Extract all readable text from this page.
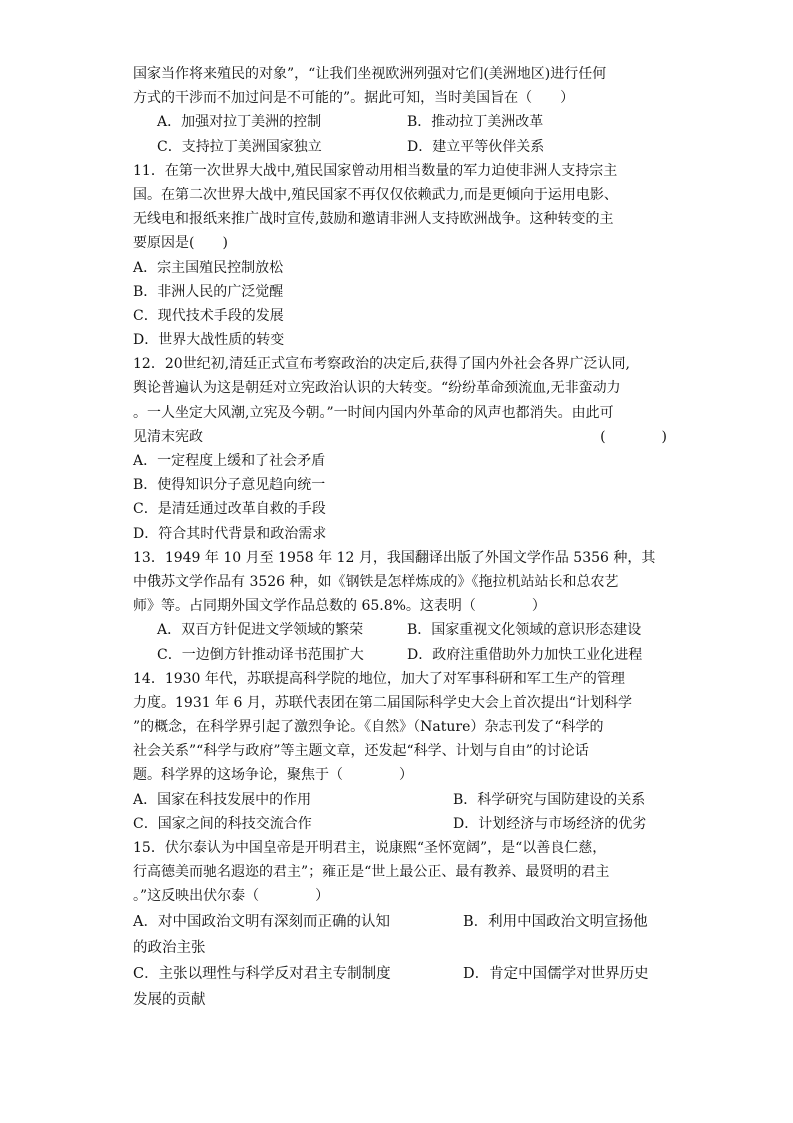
国家当作将来殖民的对象”，“让我们坐视欧洲列强对它们(美洲地区)进行任何
方式的干涉而不加过问是不可能的”。据此可知，当时美国旨在（　　）
A．加强对拉丁美洲的控制	B．推动拉丁美洲改革
C．支持拉丁美洲国家独立	D．建立平等伙伴关系
11．在第一次世界大战中,殖民国家曾动用相当数量的军力迫使非洲人支持宗主
国。在第二次世界大战中,殖民国家不再仅仅依赖武力,而是更倾向于运用电影、
无线电和报纸来推广战时宣传,鼓励和邀请非洲人支持欧洲战争。这种转变的主
要原因是(　　)
A．宗主国殖民控制放松
B．非洲人民的广泛觉醒
C．现代技术手段的发展
D．世界大战性质的转变
12．20世纪初,清廷正式宣布考察政治的决定后,获得了国内外社会各界广泛认同,
舆论普遍认为这是朝廷对立宪政治认识的大转变。“纷纷革命颈流血,无非蛮动力
。一人坐定大风潮,立宪及今朝。”一时间内国内外革命的风声也都消失。由此可
见清末宪政	(　　　　)
A．一定程度上缓和了社会矛盾
B．使得知识分子意见趋向统一
C．是清廷通过改革自救的手段
D．符合其时代背景和政治需求
13．1949 年 10 月至 1958 年 12 月，我国翻译出版了外国文学作品 5356 种，其
中俄苏文学作品有 3526 种，如《钢铁是怎样炼成的》《拖拉机站站长和总农艺
师》等。占同期外国文学作品总数的 65.8%。这表明（　　　　）
A．双百方针促进文学领域的繁荣	B．国家重视文化领域的意识形态建设
C．一边倒方针推动译书范围扩大	D．政府注重借助外力加快工业化进程
14．1930 年代，苏联提高科学院的地位，加大了对军事科研和军工生产的管理
力度。1931 年 6 月，苏联代表团在第二届国际科学史大会上首次提出“计划科学
”的概念，在科学界引起了激烈争论。《自然》（Nature）杂志刊发了“科学的
社会关系”“科学与政府”等主题文章，还发起“科学、计划与自由”的讨论话
题。科学界的这场争论，聚焦于（　　　　）
A．国家在科技发展中的作用	B．科学研究与国防建设的关系
C．国家之间的科技交流合作	D．计划经济与市场经济的优劣
15．伏尔泰认为中国皇帝是开明君主，说康熙“圣怀宽阔”，是“以善良仁慈，
行高德美而驰名遐迩的君主”；雍正是“世上最公正、最有教养、最贤明的君主
。”这反映出伏尔泰（　　　　）
A．对中国政治文明有深刻而正确的认知	B．利用中国政治文明宣扬他
的政治主张
C．主张以理性与科学反对君主专制制度	D．肯定中国儒学对世界历史
发展的贡献
